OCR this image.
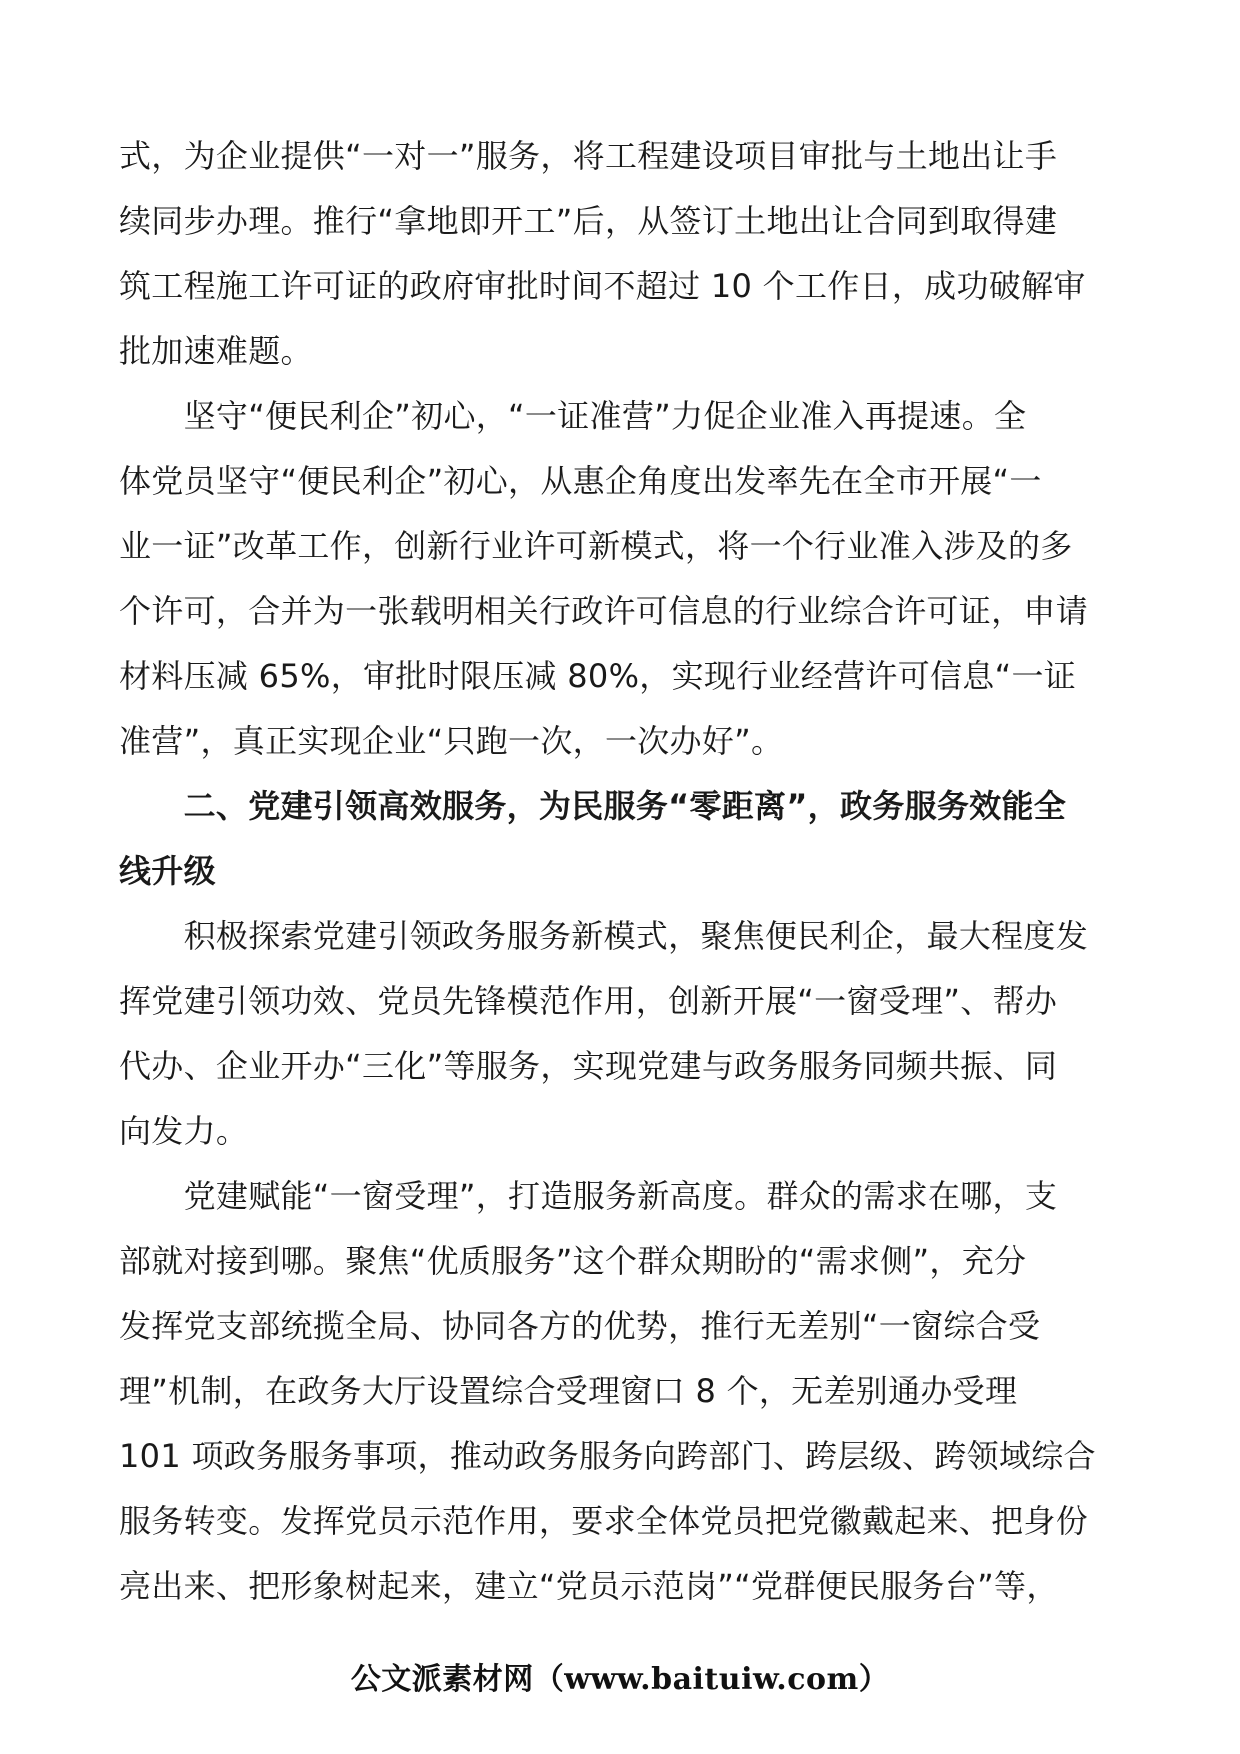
式，为企业提供“一对一”服务，将工程建设项目审批与土地出让手
续同步办理。推行“拿地即开工”后，从签订土地出让合同到取得建
筑工程施工许可证的政府审批时间不超过 10 个工作日，成功破解审
批加速难题。
　　坚守“便民利企”初心，“一证准营”力促企业准入再提速。全
体党员坚守“便民利企”初心，从惠企角度出发率先在全市开展“一
业一证”改革工作，创新行业许可新模式，将一个行业准入涉及的多
个许可，合并为一张载明相关行政许可信息的行业综合许可证，申请
材料压减 65%，审批时限压减 80%，实现行业经营许可信息“一证
准营”，真正实现企业“只跑一次，一次办好”。
　　二、党建引领高效服务，为民服务“零距离”，政务服务效能全
线升级
　　积极探索党建引领政务服务新模式，聚焦便民利企，最大程度发
挥党建引领功效、党员先锋模范作用，创新开展“一窗受理”、帮办
代办、企业开办“三化”等服务，实现党建与政务服务同频共振、同
向发力。
　　党建赋能“一窗受理”，打造服务新高度。群众的需求在哪，支
部就对接到哪。聚焦“优质服务”这个群众期盼的“需求侧”，充分
发挥党支部统揽全局、协同各方的优势，推行无差别“一窗综合受
理”机制，在政务大厅设置综合受理窗口 8 个，无差别通办受理
101 项政务服务事项，推动政务服务向跨部门、跨层级、跨领域综合
服务转变。发挥党员示范作用，要求全体党员把党徽戴起来、把身份
亮出来、把形象树起来，建立“党员示范岗”“党群便民服务台”等，
公文派素材网（www.baituiw.com）
